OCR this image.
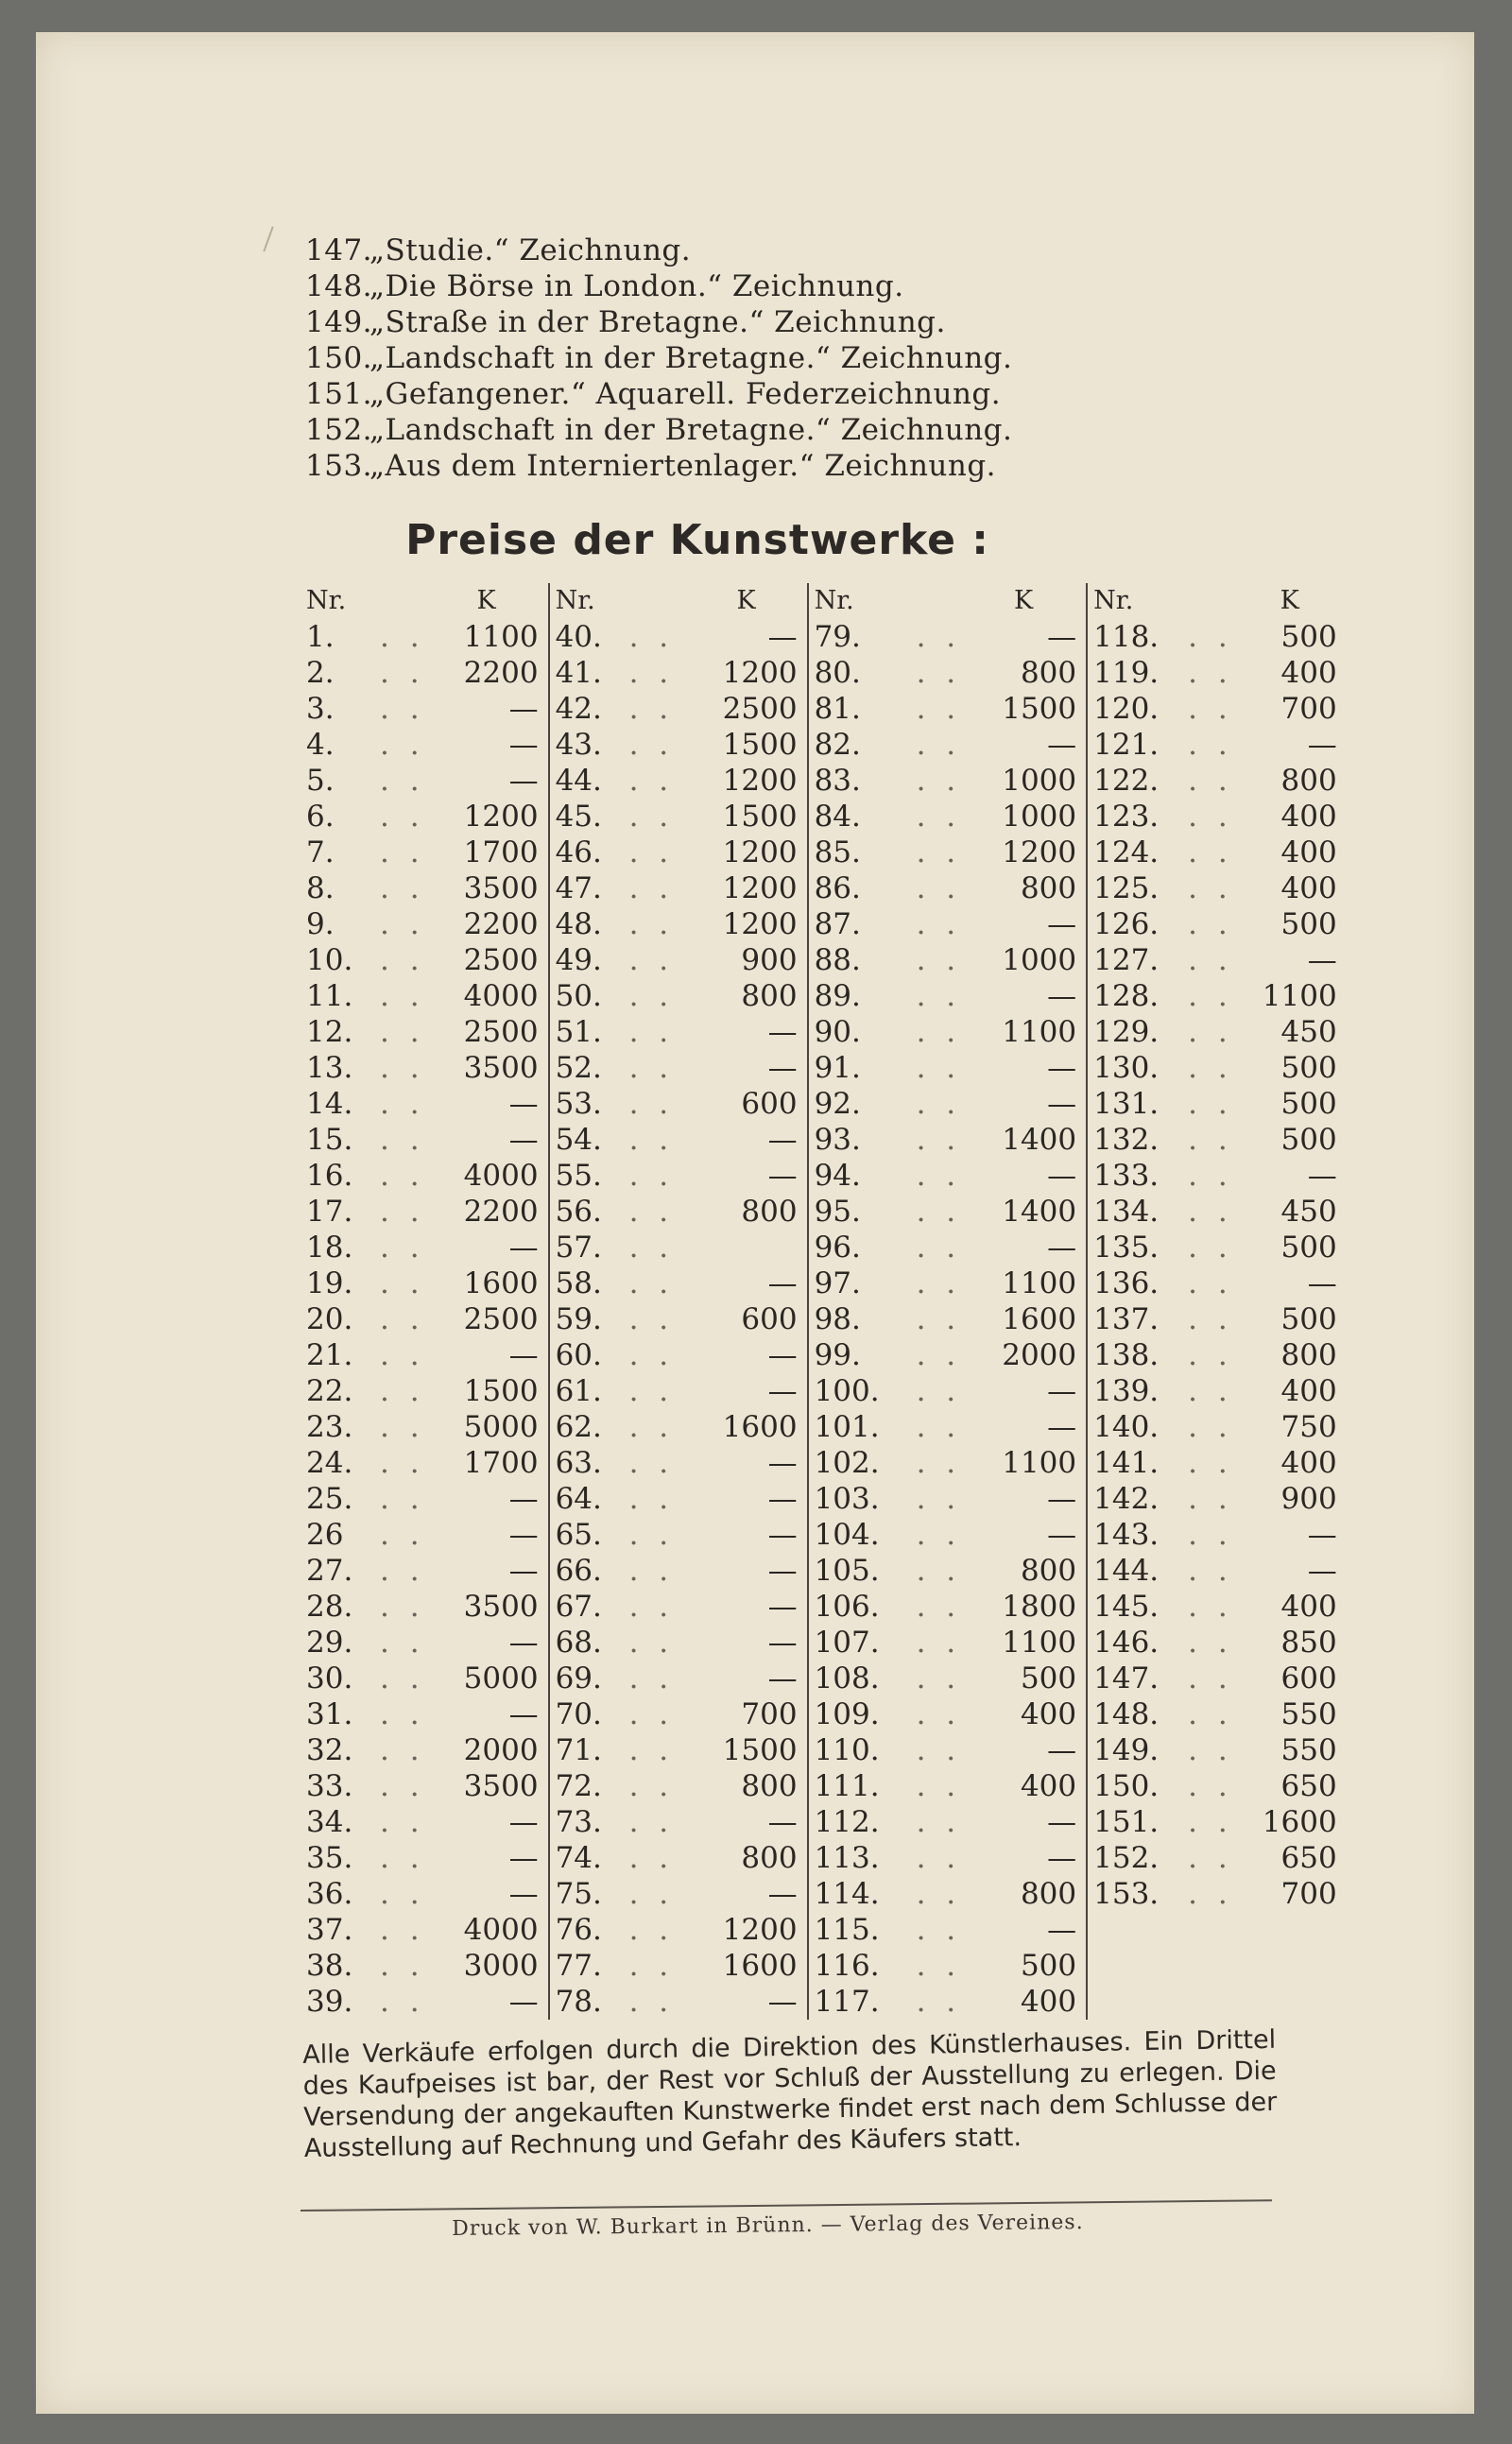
147.„Studie.“ Zeichnung.
148.„Die Börse in London.“ Zeichnung.
149.„Straße in der Bretagne.“ Zeichnung.
150.„Landschaft in der Bretagne.“ Zeichnung.
151.„Gefangener.“ Aquarell. Federzeichnung.
152.„Landschaft in der Bretagne.“ Zeichnung.
153.„Aus dem Interniertenlager.“ Zeichnung.
Preise der Kunstwerke :
Nr.		K	Nr.		K	Nr.		K	Nr.		K
1.	. .	1100	40.	. .	—	79.	. .	—	118.	. .	500
2.	. .	2200	41.	. .	1200	80.	. .	800	119.	. .	400
3.	. .	—	42.	. .	2500	81.	. .	1500	120.	. .	700
4.	. .	—	43.	. .	1500	82.	. .	—	121.	. .	—
5.	. .	—	44.	. .	1200	83.	. .	1000	122.	. .	800
6.	. .	1200	45.	. .	1500	84.	. .	1000	123.	. .	400
7.	. .	1700	46.	. .	1200	85.	. .	1200	124.	. .	400
8.	. .	3500	47.	. .	1200	86.	. .	800	125.	. .	400
9.	. .	2200	48.	. .	1200	87.	. .	—	126.	. .	500
10.	. .	2500	49.	. .	900	88.	. .	1000	127.	. .	—
11.	. .	4000	50.	. .	800	89.	. .	—	128.	. .	1100
12.	. .	2500	51.	. .	—	90.	. .	1100	129.	. .	450
13.	. .	3500	52.	. .	—	91.	. .	—	130.	. .	500
14.	. .	—	53.	. .	600	92.	. .	—	131.	. .	500
15.	. .	—	54.	. .	—	93.	. .	1400	132.	. .	500
16.	. .	4000	55.	. .	—	94.	. .	—	133.	. .	—
17.	. .	2200	56.	. .	800	95.	. .	1400	134.	. .	450
18.	. .	—	57.	. .		96.	. .	—	135.	. .	500
19.	. .	1600	58.	. .	—	97.	. .	1100	136.	. .	—
20.	. .	2500	59.	. .	600	98.	. .	1600	137.	. .	500
21.	. .	—	60.	. .	—	99.	. .	2000	138.	. .	800
22.	. .	1500	61.	. .	—	100.	. .	—	139.	. .	400
23.	. .	5000	62.	. .	1600	101.	. .	—	140.	. .	750
24.	. .	1700	63.	. .	—	102.	. .	1100	141.	. .	400
25.	. .	—	64.	. .	—	103.	. .	—	142.	. .	900
26	. .	—	65.	. .	—	104.	. .	—	143.	. .	—
27.	. .	—	66.	. .	—	105.	. .	800	144.	. .	—
28.	. .	3500	67.	. .	—	106.	. .	1800	145.	. .	400
29.	. .	—	68.	. .	—	107.	. .	1100	146.	. .	850
30.	. .	5000	69.	. .	—	108.	. .	500	147.	. .	600
31.	. .	—	70.	. .	700	109.	. .	400	148.	. .	550
32.	. .	2000	71.	. .	1500	110.	. .	—	149.	. .	550
33.	. .	3500	72.	. .	800	111.	. .	400	150.	. .	650
34.	. .	—	73.	. .	—	112.	. .	—	151.	. .	1600
35.	. .	—	74.	. .	800	113.	. .	—	152.	. .	650
36.	. .	—	75.	. .	—	114.	. .	800	153.	. .	700
37.	. .	4000	76.	. .	1200	115.	. .	—			
38.	. .	3000	77.	. .	1600	116.	. .	500			
39.	. .	—	78.	. .	—	117.	. .	400			
Alle Verkäufe erfolgen durch die Direktion des Künstlerhauses. Ein Drittel des Kaufpeises ist bar, der Rest vor Schluß der Ausstellung zu erlegen. Die Versendung der angekauften Kunstwerke findet erst nach dem Schlusse der Ausstellung auf Rechnung und Gefahr des Käufers statt.
Druck von W. Burkart in Brünn. — Verlag des Vereines.
